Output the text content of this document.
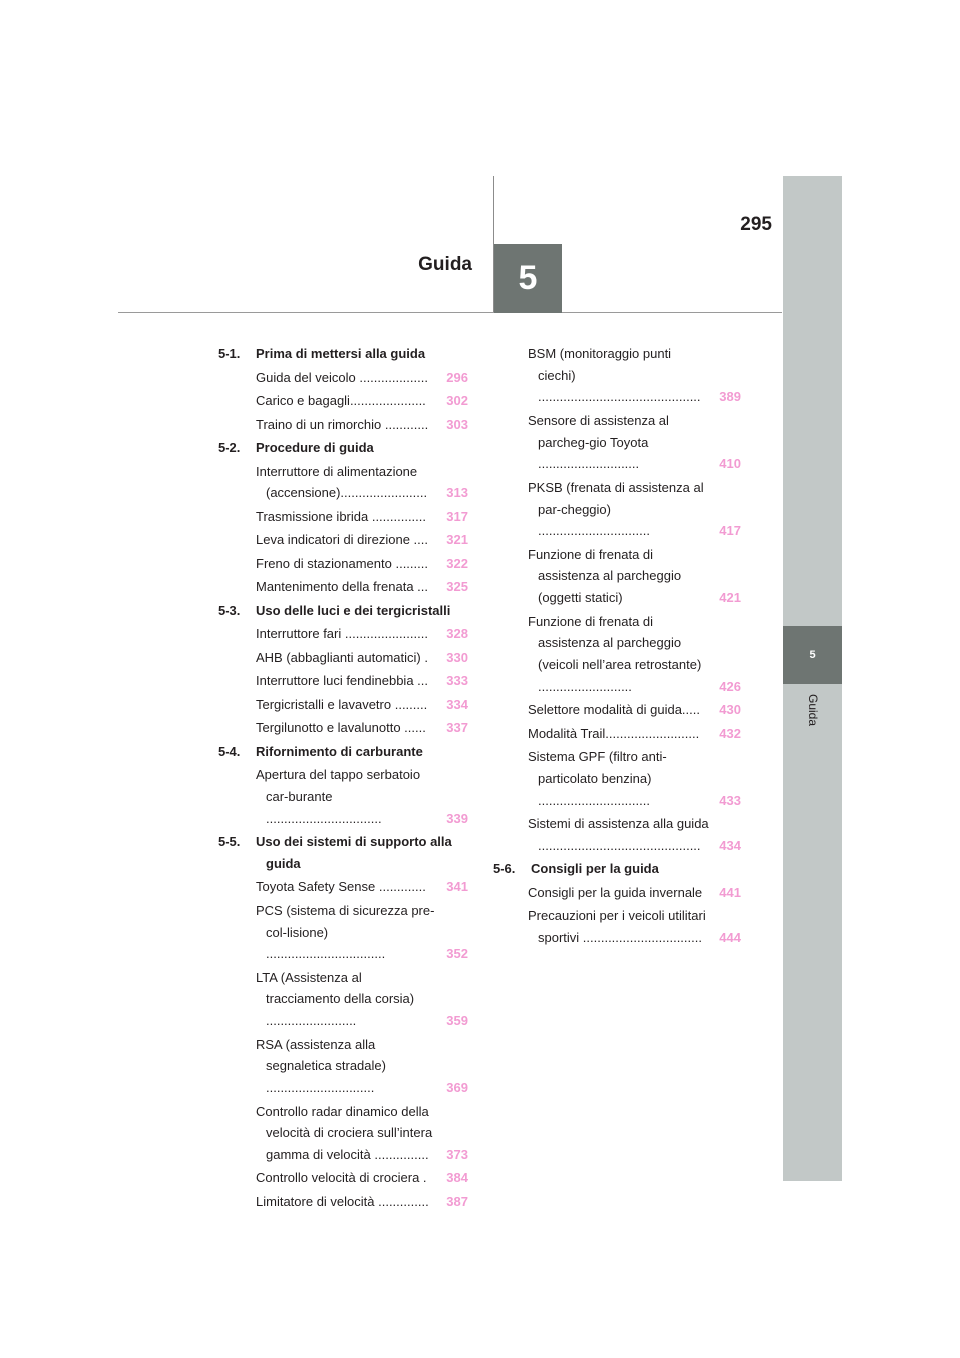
295
5
Guida
5
Guida
5-1. Prima di mettersi alla guida
Guida del veicolo ................... 296
Carico e bagagli..................... 302
Traino di un rimorchio ............ 303
5-2. Procedure di guida
Interruttore di alimentazione (accensione)........................ 313
Trasmissione ibrida ............... 317
Leva indicatori di direzione .... 321
Freno di stazionamento ......... 322
Mantenimento della frenata ... 325
5-3. Uso delle luci e dei tergicristalli
Interruttore fari ....................... 328
AHB (abbaglianti automatici) . 330
Interruttore luci fendinebbia ... 333
Tergicristalli e lavavetro ......... 334
Tergilunotto e lavalunotto ...... 337
5-4. Rifornimento di carburante
Apertura del tappo serbatoio car-burante ................................	339
5-5. Uso dei sistemi di supporto alla guida
Toyota Safety Sense ............. 341
PCS (sistema di sicurezza pre-col-lisione) .................................	352
LTA (Assistenza al tracciamento della corsia) .........................	359
RSA (assistenza alla segnaletica stradale) ..............................	369
Controllo radar dinamico della velocità di crociera sull’intera gamma di velocità ............... 373
Controllo velocità di crociera . 384
Limitatore di velocità .............. 387
BSM (monitoraggio punti ciechi) ............................................. 389
Sensore di assistenza al parcheg-gio Toyota ............................	410
PKSB (frenata di assistenza al par-cheggio) ...............................	417
Funzione di frenata di assistenza al parcheggio (oggetti statici)	421
Funzione di frenata di assistenza al parcheggio (veicoli nell’area retrostante) ..........................	426
Selettore modalità di guida..... 430
Modalità Trail.......................... 432
Sistema GPF (filtro anti-particolato benzina) ...............................	433
Sistemi di assistenza alla guida ............................................. 434
5-6. Consigli per la guida
Consigli per la guida invernale 441
Precauzioni per i veicoli utilitari sportivi ................................. 444
